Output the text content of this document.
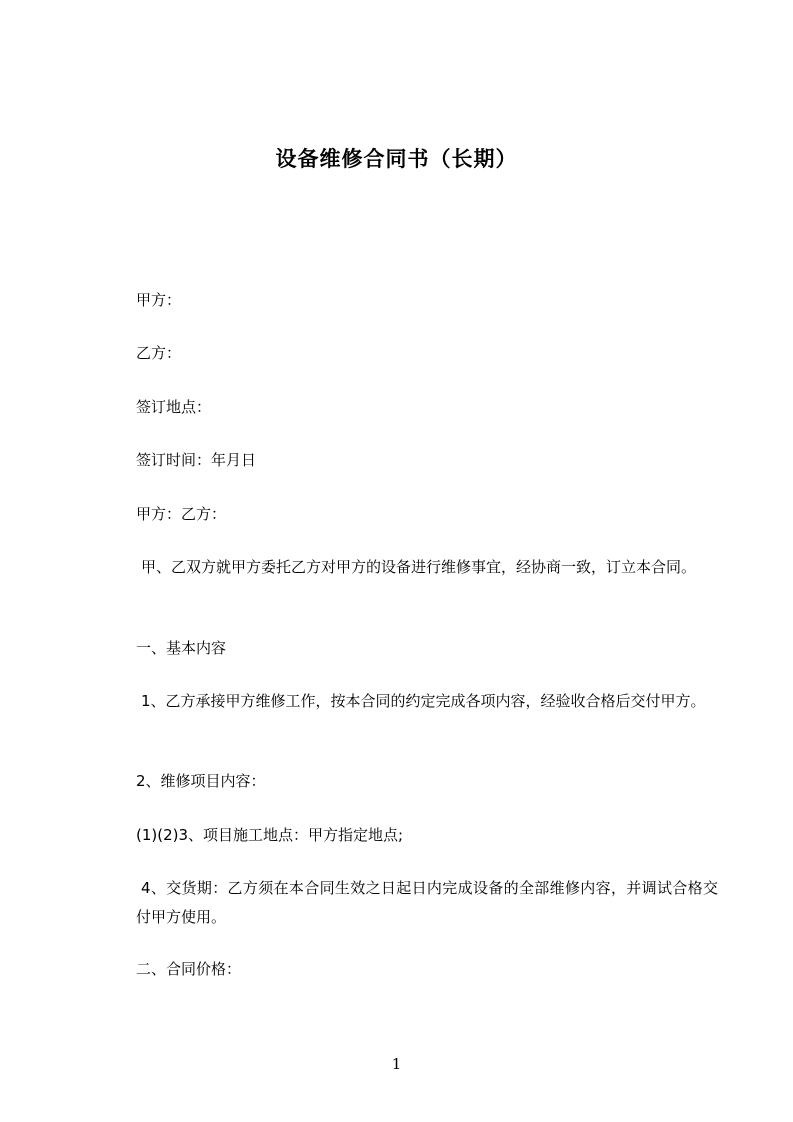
设备维修合同书（长期）
甲方：
乙方：
签订地点：
签订时间：年月日
甲方：乙方：
甲、乙双方就甲方委托乙方对甲方的设备进行维修事宜，经协商一致，订立本合同。
一、基本内容
1、乙方承接甲方维修工作，按本合同的约定完成各项内容，经验收合格后交付甲方。
2、维修项目内容：
(1)(2)3、项目施工地点：甲方指定地点;
4、交货期：乙方须在本合同生效之日起日内完成设备的全部维修内容，并调试合格交付甲方使用。
二、合同价格：
1
